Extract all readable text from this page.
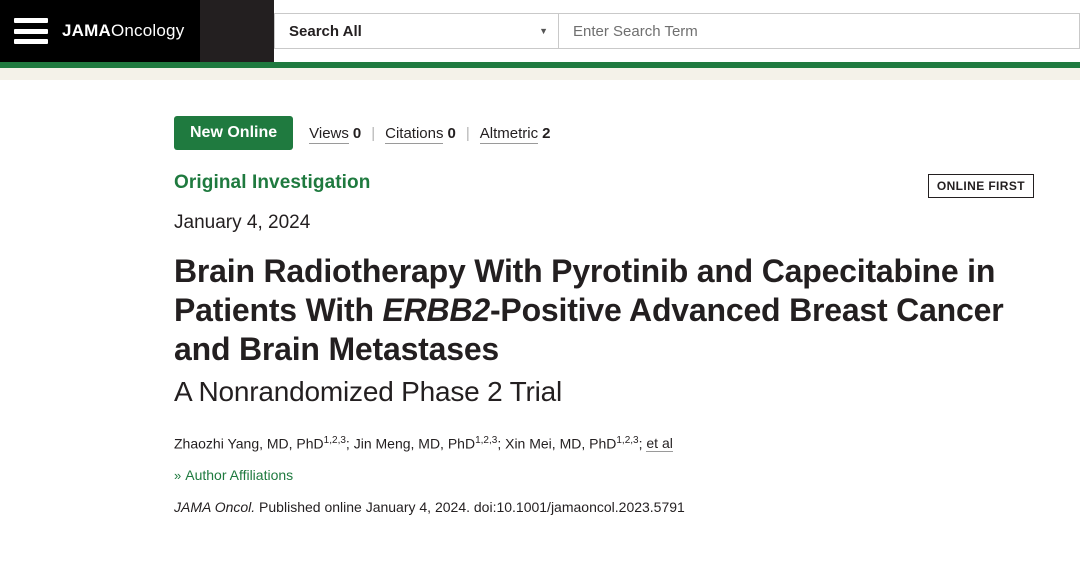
JAMAOncology	Search All	▼
Enter Search Term
New Online	Views 0 | Citations 0 | Altmetric 2
Original Investigation	ONLINE FIRST
January 4, 2024
Brain Radiotherapy With Pyrotinib and Capecitabine in Patients With ERBB2-Positive Advanced Breast Cancer and Brain Metastases
A Nonrandomized Phase 2 Trial
Zhaozhi Yang, MD, PhD$^{1,2,3}$; Jin Meng, MD, PhD$^{1,2,3}$; Xin Mei, MD, PhD$^{1,2,3}$; et al
» Author Affiliations
JAMA Oncol. Published online January 4, 2024. doi:10.1001/jamaoncol.2023.5791
